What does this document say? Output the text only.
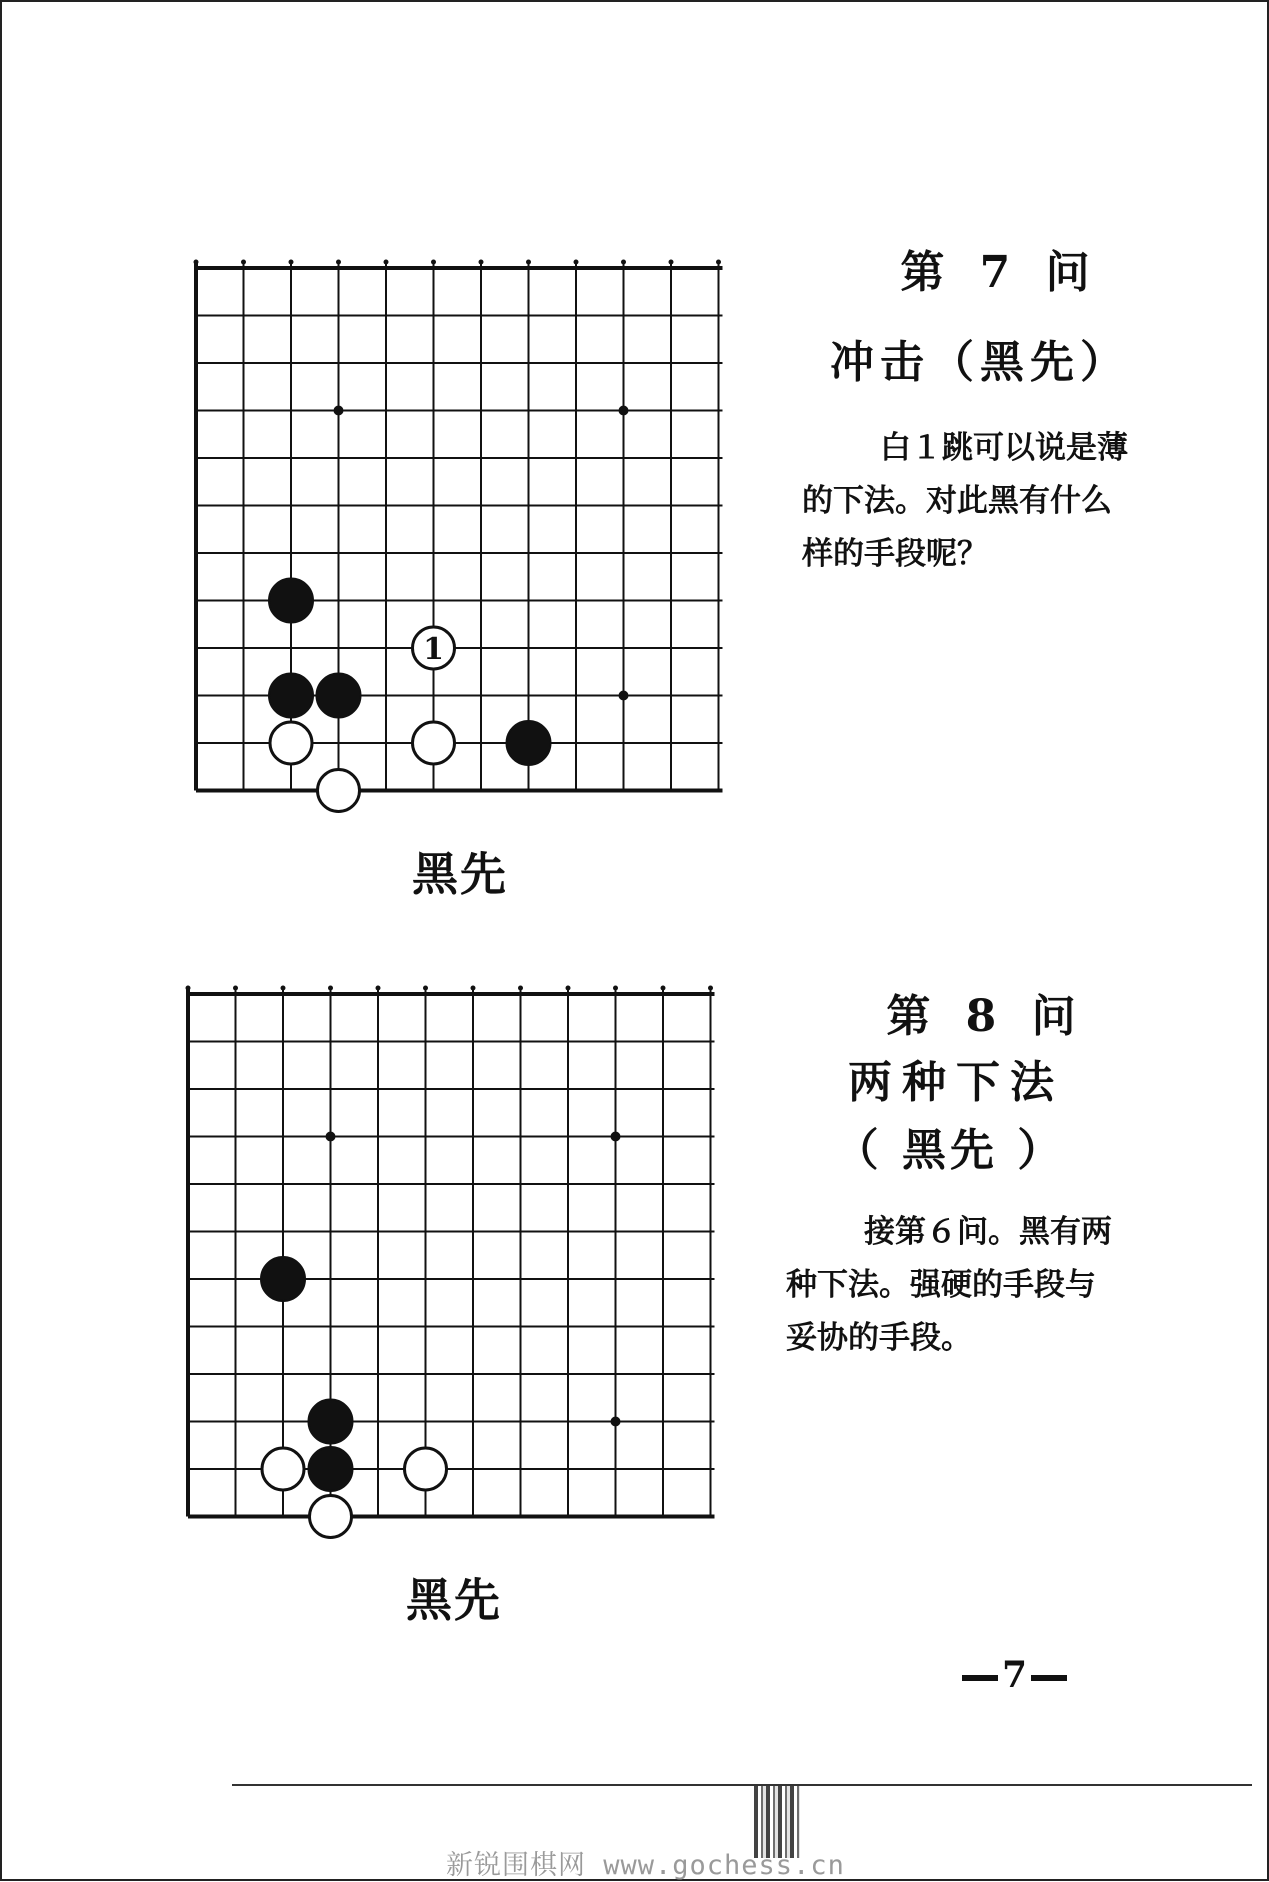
1
黑先
第 7 问
冲击（黑先）
白１跳可以说是薄的下法。对此黑有什么样的手段呢？
黑先
第 8 问
两种下法
（ 黑先 ）
接第６问。黑有两种下法。强硬的手段与妥协的手段。
7
新锐围棋网 www.gochess.cn
